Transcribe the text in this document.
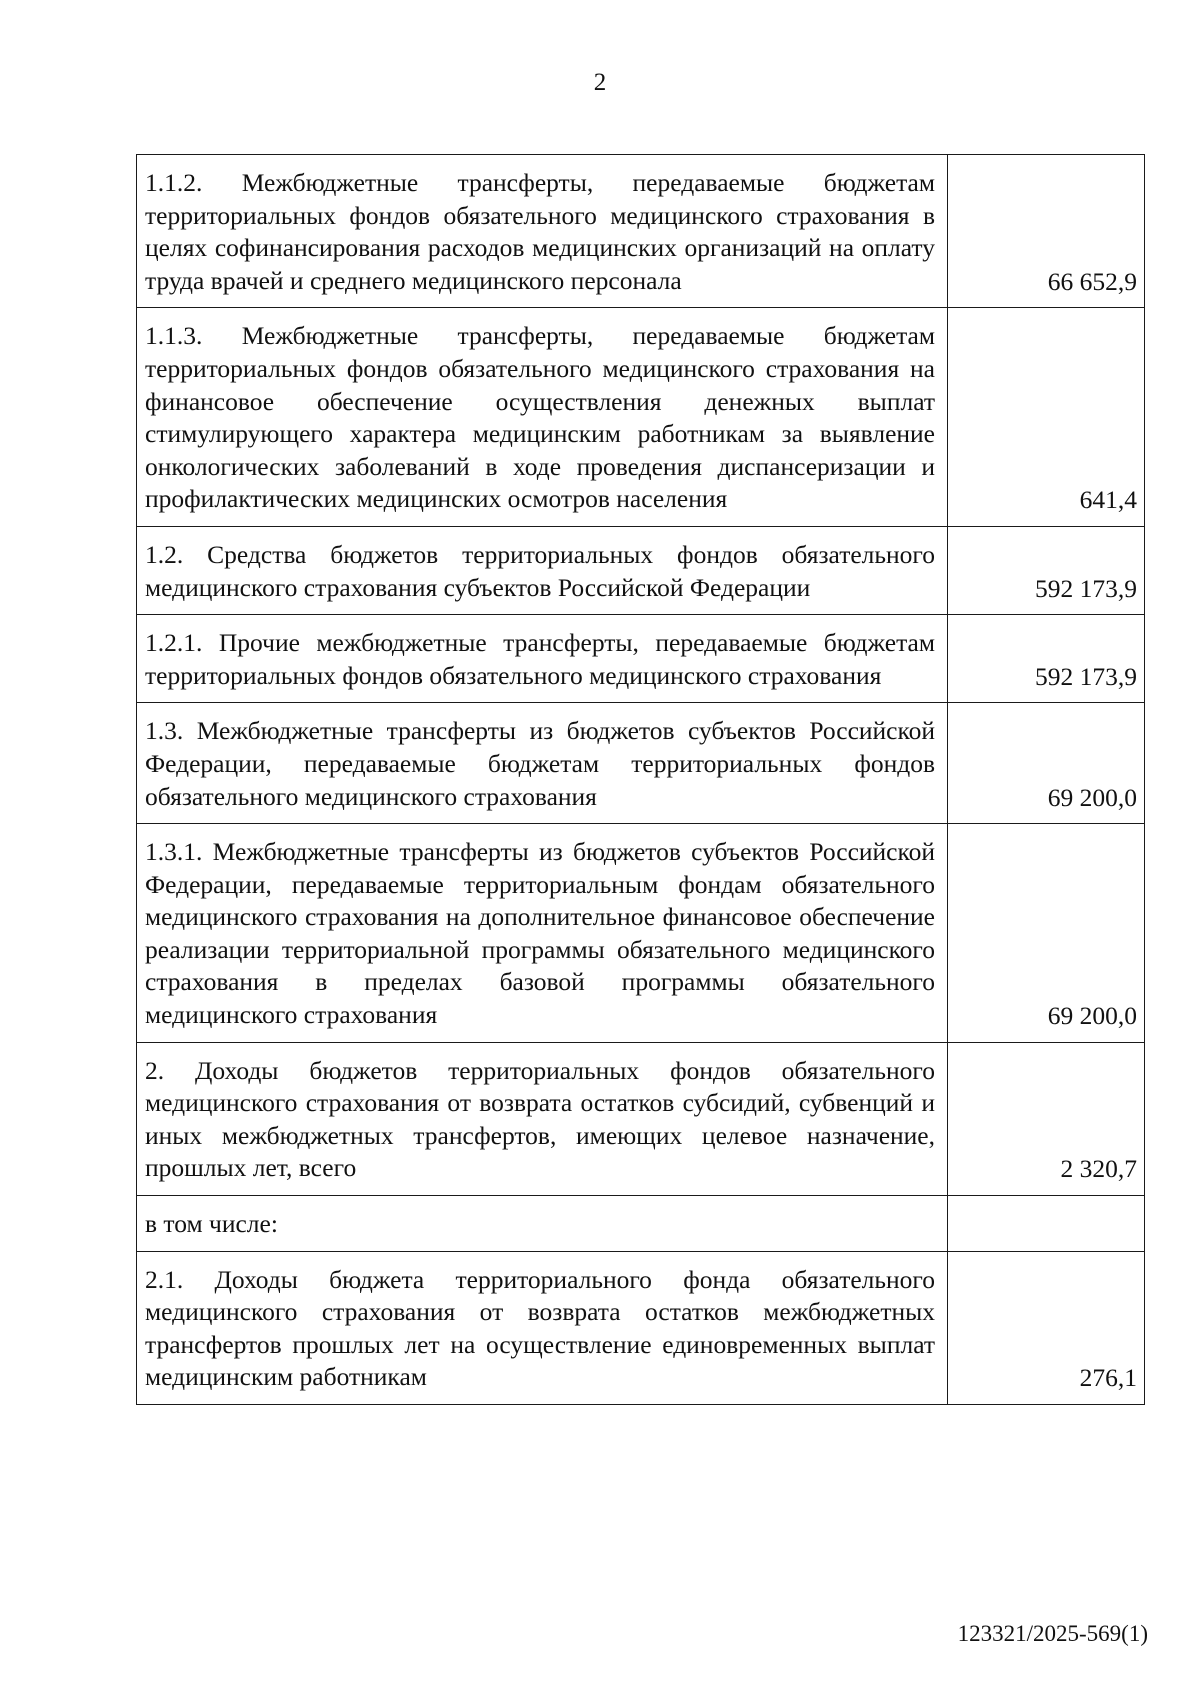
2
1.1.2. Межбюджетные трансферты, передаваемые бюджетам территориальных фондов обязательного медицинского страхования в целях софинансирования расходов медицинских организаций на оплату труда врачей и среднего медицинского персонала	66 652,9
1.1.3. Межбюджетные трансферты, передаваемые бюджетам территориальных фондов обязательного медицинского страхования на финансовое обеспечение осуществления денежных выплат стимулирующего характера медицинским работникам за выявление онкологических заболеваний в ходе проведения диспансеризации и профилактических медицинских осмотров населения	641,4
1.2. Средства бюджетов территориальных фондов обязательного медицинского страхования субъектов Российской Федерации	592 173,9
1.2.1. Прочие межбюджетные трансферты, передаваемые бюджетам территориальных фондов обязательного медицинского страхования	592 173,9
1.3. Межбюджетные трансферты из бюджетов субъектов Российской Федерации, передаваемые бюджетам территориальных фондов обязательного медицинского страхования	69 200,0
1.3.1. Межбюджетные трансферты из бюджетов субъектов Российской Федерации, передаваемые территориальным фондам обязательного медицинского страхования на дополнительное финансовое обеспечение реализации территориальной программы обязательного медицинского страхования в пределах базовой программы обязательного медицинского страхования	69 200,0
2. Доходы бюджетов территориальных фондов обязательного медицинского страхования от возврата остатков субсидий, субвенций и иных межбюджетных трансфертов, имеющих целевое назначение, прошлых лет, всего	2 320,7
в том числе:	
2.1. Доходы бюджета территориального фонда обязательного медицинского страхования от возврата остатков межбюджетных трансфертов прошлых лет на осуществление единовременных выплат медицинским работникам	276,1
123321/2025-569(1)
